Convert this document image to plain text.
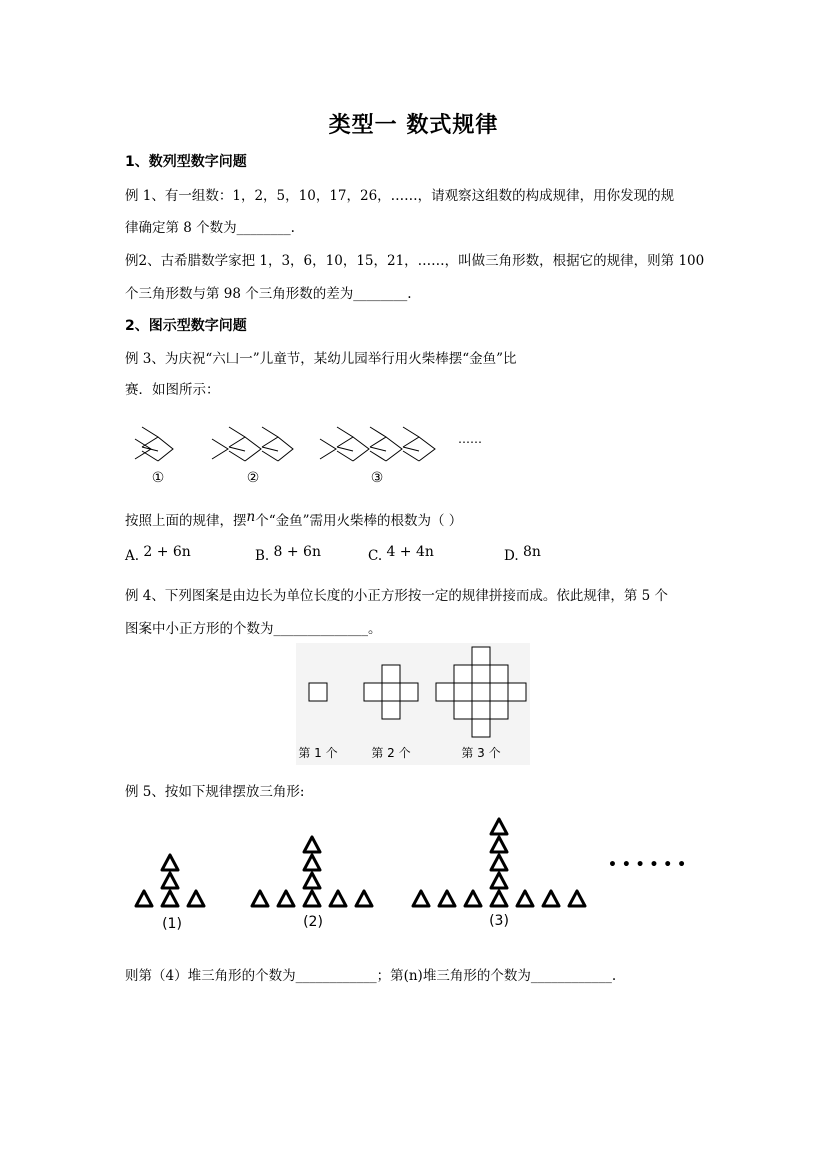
类型一 数式规律
1、数列型数字问题
例 1、有一组数：1，2，5，10，17，26，……，请观察这组数的构成规律，用你发现的规
律确定第 8 个数为________.
例2、古希腊数学家把 1，3，6，10，15，21，……，叫做三角形数，根据它的规律，则第 100
个三角形数与第 98 个三角形数的差为________.
2、图示型数字问题
例 3、为庆祝“六凵一”儿童节，某幼儿园举行用火柴棒摆“金鱼”比
赛．如图所示：
①	②	③
……
按照上面的规律，摆n个“金鱼”需用火柴棒的根数为（ ）
A. 2 + 6n	B. 8 + 6n	C. 4 + 4n	D. 8n
例 4、下列图案是由边长为单位长度的小正方形按一定的规律拼接而成。依此规律，第 5 个
图案中小正方形的个数为______________。
第 1 个	第 2 个	第 3 个
例 5、按如下规律摆放三角形:
(1)	(2)	(3)
• • • • • •
则第（4）堆三角形的个数为____________；第(n)堆三角形的个数为____________.
